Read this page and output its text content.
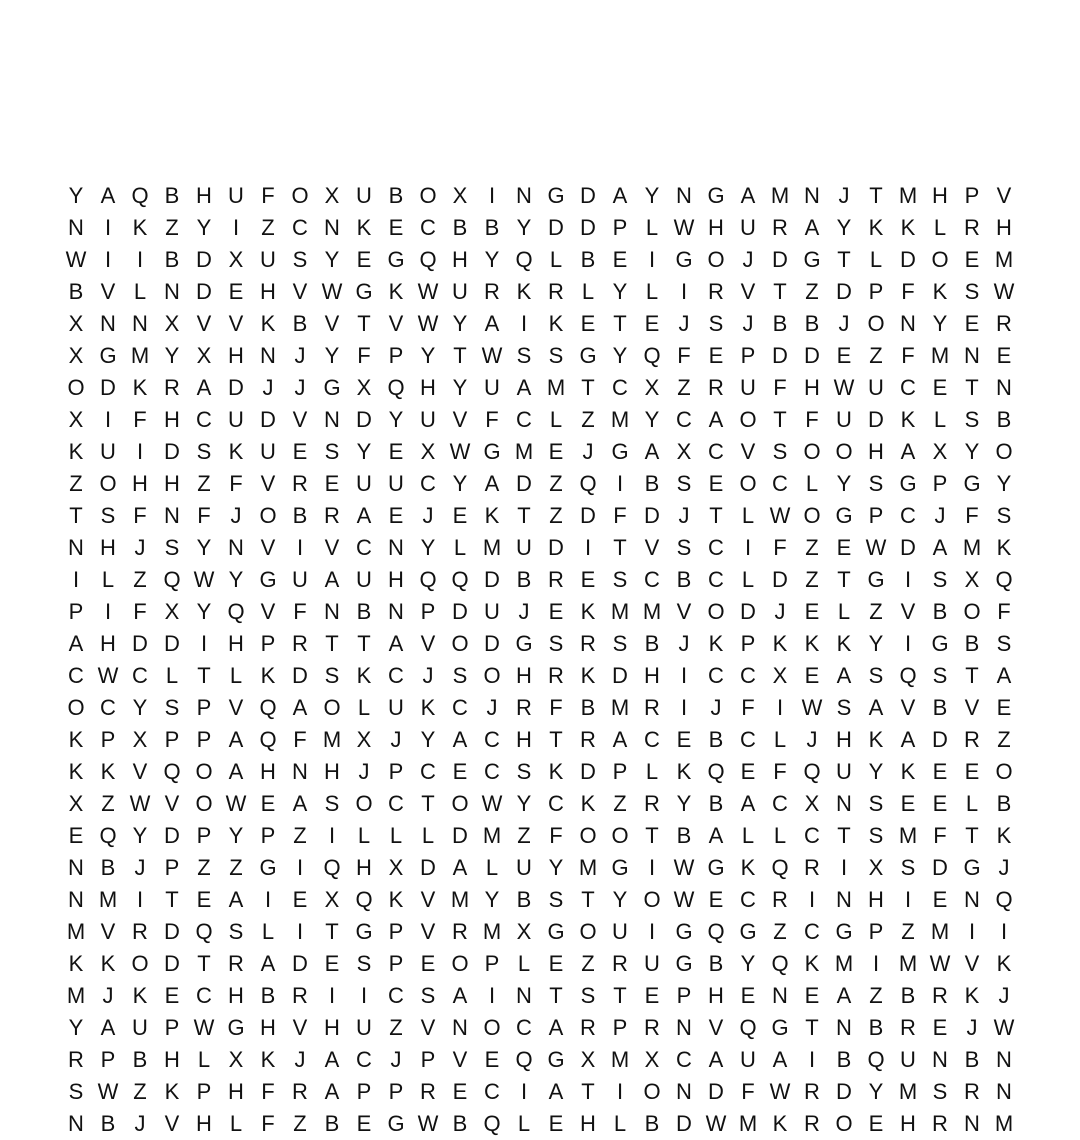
Y A Q B H U F O X U B O X I N G D A Y N G A M N J T M H P V
N I K Z Y I	Z C N K E C B B Y D D P L W H U R A Y K K L R H
W I	I B D X U S Y E G Q H Y Q L B E I G O J D G T L D O E M
B V L N D E H V W G K W U R K R L Y L	I R V T Z D P F K S W
X N N X V V K B V T V W Y A I K E T E J S J B B J O N Y E R
X G M Y X H N J Y F P Y T W S S G Y Q F E P D D E Z F M N E
O D K R A D J J G X Q H Y U A M T C X Z R U F H W U C E T N
X I	F H C U D V N D Y U V F C L Z M Y C A O T F U D K L S B
K U I D S K U E S Y E X W G M E J G A X C V S O O H A X Y O
Z O H H Z F V R E U U C Y A D Z Q I B S E O C L Y S G P G Y
T S F N F J O B R A E J E K T Z D F D J T L W O G P C J F S
N H J S Y N V I V C N Y L M U D I	T V S C I	F Z E W D A M K
I	L Z Q W Y G U A U H Q Q D B R E S C B C L D Z T G I S X Q
P I	F X Y Q V F N B N P D U J E K M M V O D J E L Z V B O F
A H D D I H P R T T A V O D G S R S B J K P K K K Y I G B S
C W C L T L K D S K C J S O H R K D H I C C X E A S Q S T A
O C Y S P V Q A O L U K C J R F B M R I	J F	I W S A V B V E
K P X P P A Q F M X J Y A C H T R A C E B C L J H K A D R Z
K K V Q O A H N H J P C E C S K D P L K Q E F Q U Y K E E O
X Z W V O W E A S O C T O W Y C K Z R Y B A C X N S E E L B
E Q Y D P Y P Z	I	L L L D M Z F O O T B A L L C T S M F T K
N B J P Z Z G I Q H X D A L U Y M G I W G K Q R I X S D G J
N M I	T E A I E X Q K V M Y B S T Y O W E C R I N H I E N Q
M V R D Q S L	I	T G P V R M X G O U I G Q G Z C G P Z M I	I
K K O D T R A D E S P E O P L E Z R U G B Y Q K M I M W V K
M J K E C H B R I	I C S A I N T S T E P H E N E A Z B R K J
Y A U P W G H V H U Z V N O C A R P R N V Q G T N B R E J W
R P B H L X K J A C J P V E Q G X M X C A U A I B Q U N B N
S W Z K P H F R A P P R E C I A T	I O N D F W R D Y M S R N
N B J V H L F Z B E G W B Q L E H L B D W M K R O E H R N M
